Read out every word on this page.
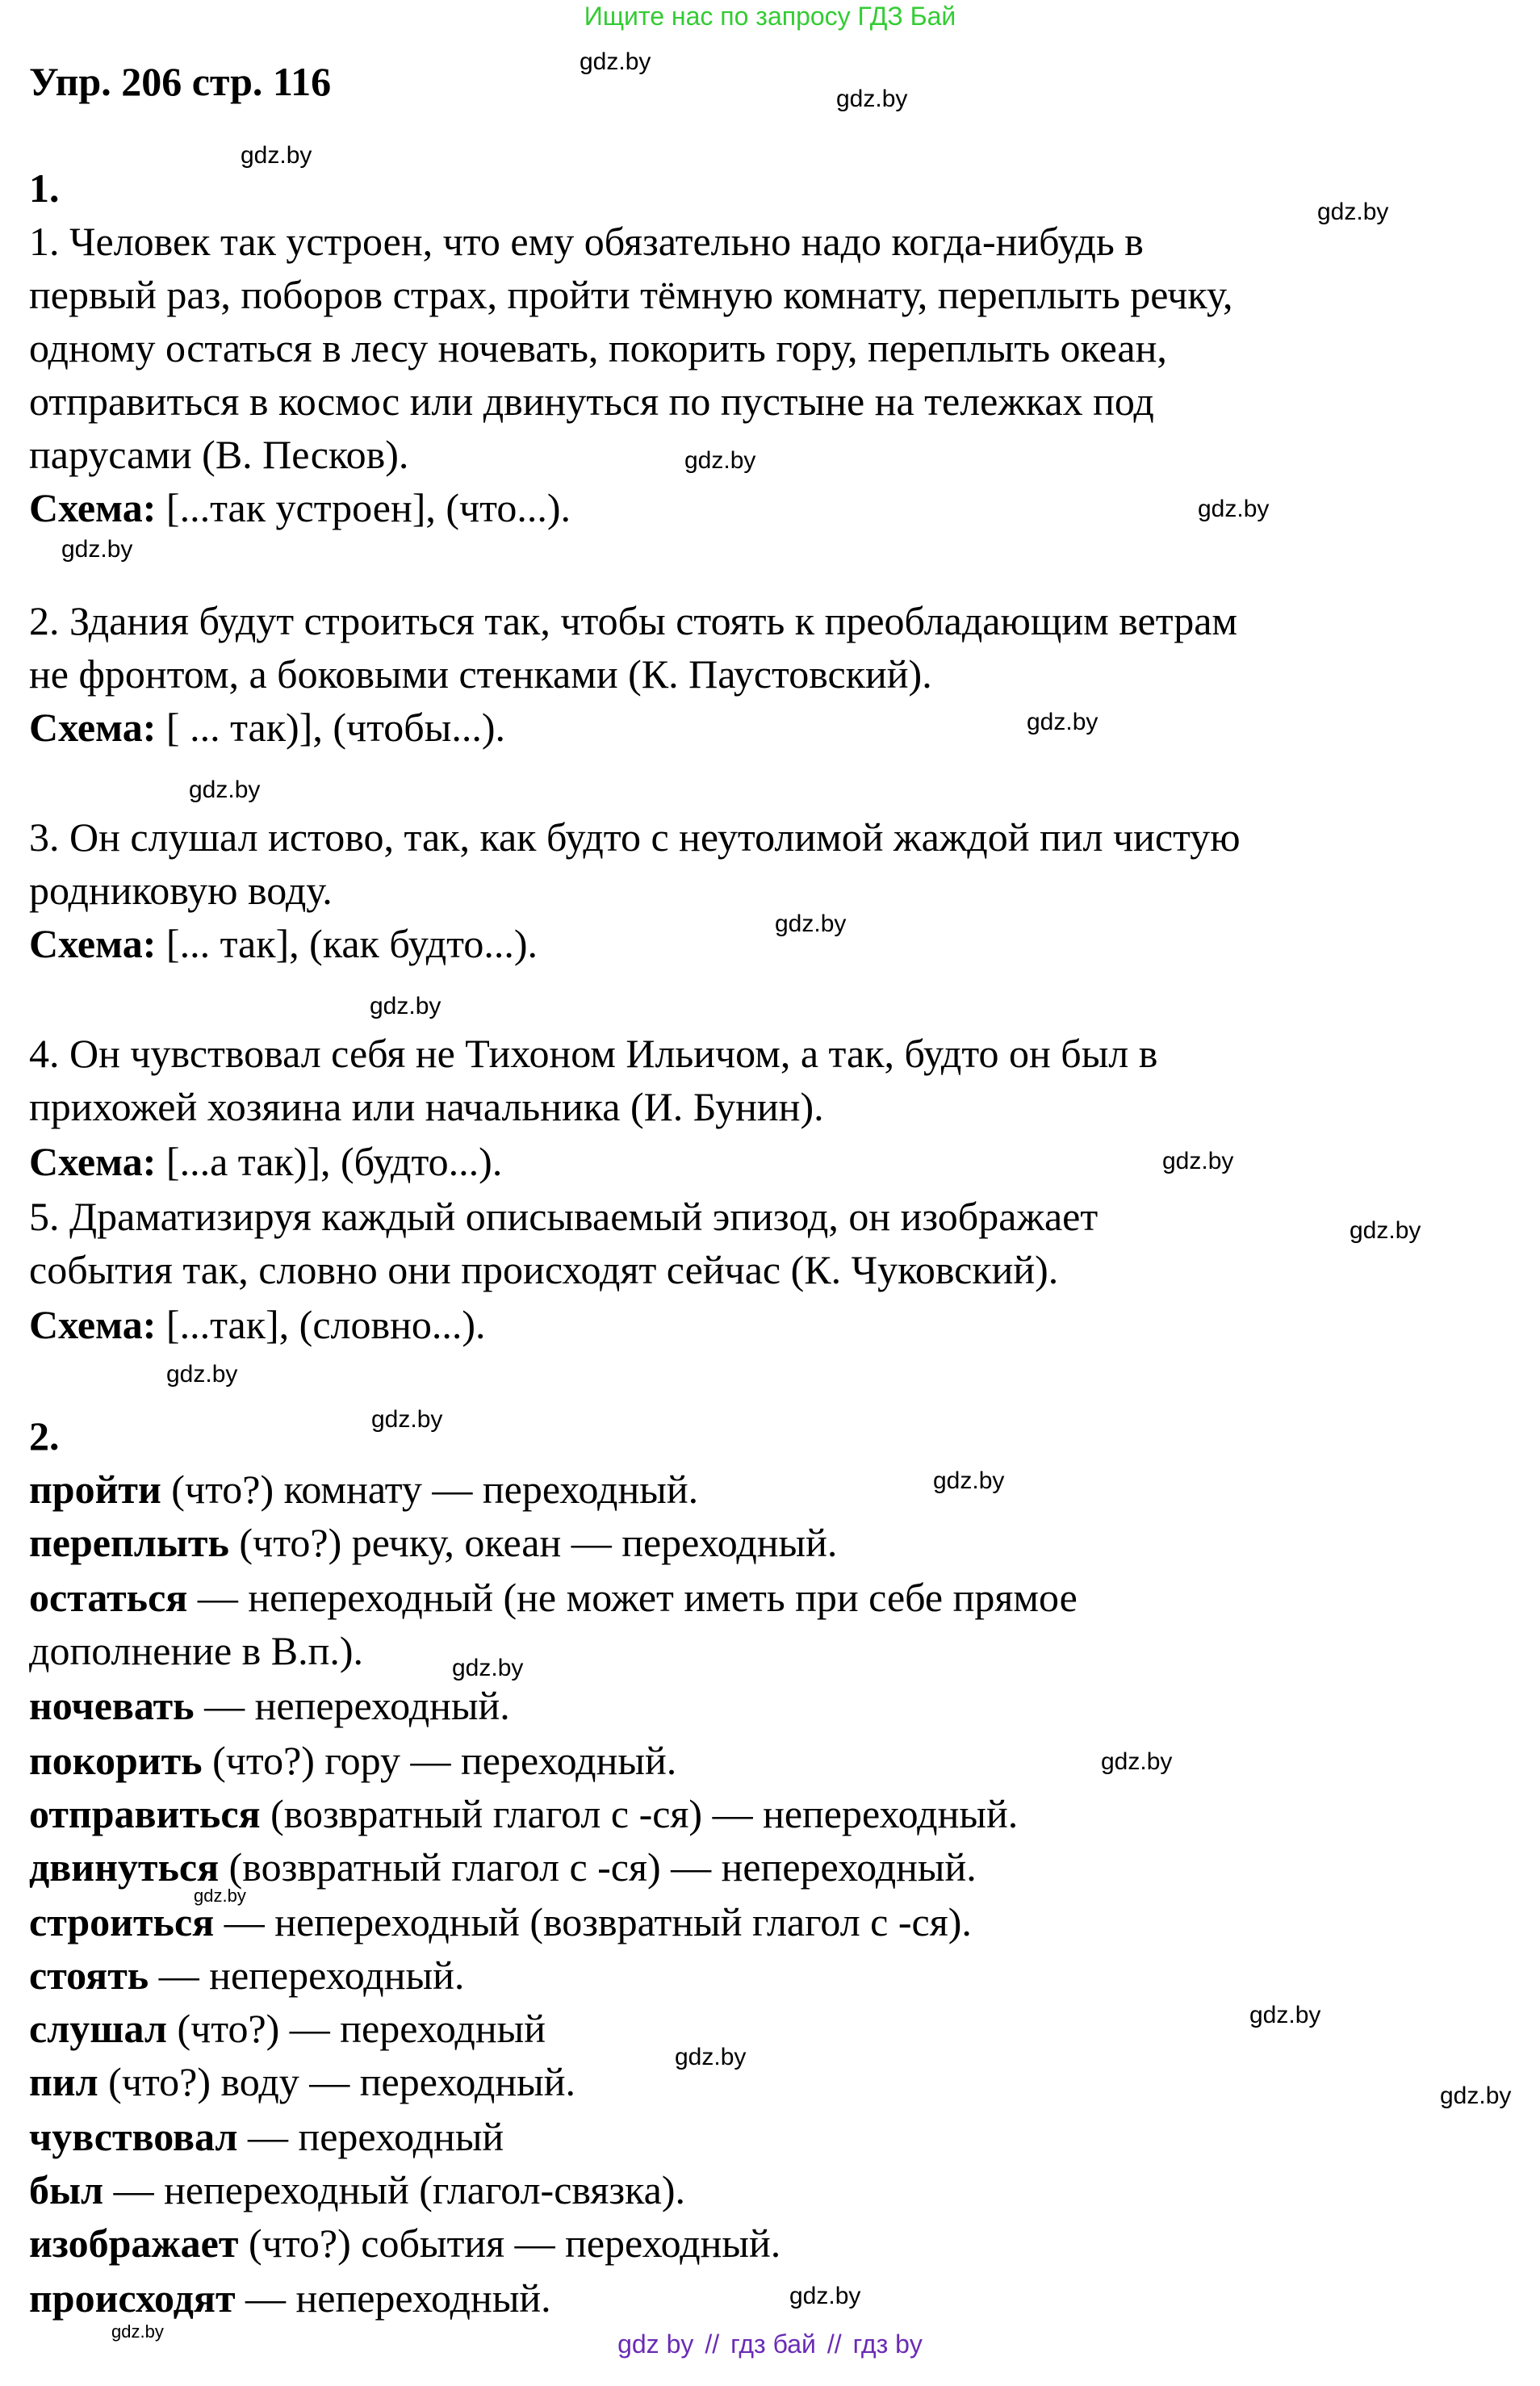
Ищите нас по запросу ГДЗ Бай
Упр. 206 стр. 116
1.
1. Человек так устроен, что ему обязательно надо когда-нибудь в
первый раз, поборов страх, пройти тёмную комнату, переплыть речку,
одному остаться в лесу ночевать, покорить гору, переплыть океан,
отправиться в космос или двинуться по пустыне на тележках под
парусами (В. Песков).
Схема: [...так устроен], (что...).
2. Здания будут строиться так, чтобы стоять к преобладающим ветрам
не фронтом, а боковыми стенками (К. Паустовский).
Схема: [ ... так)], (чтобы...).
3. Он слушал истово, так, как будто с неутолимой жаждой пил чистую
родниковую воду.
Схема: [... так], (как будто...).
4. Он чувствовал себя не Тихоном Ильичом, а так, будто он был в
прихожей хозяина или начальника (И. Бунин).
Схема: [...а так)], (будто...).
5. Драматизируя каждый описываемый эпизод, он изображает
события так, словно они происходят сейчас (К. Чуковский).
Схема: [...так], (словно...).
2.
пройти (что?) комнату — переходный.
переплыть (что?) речку, океан — переходный.
остаться — непереходный (не может иметь при себе прямое
дополнение в В.п.).
ночевать — непереходный.
покорить (что?) гору — переходный.
отправиться (возвратный глагол с -ся) — непереходный.
двинуться (возвратный глагол с -ся) — непереходный.
строиться — непереходный (возвратный глагол с -ся).
стоять — непереходный.
слушал (что?) — переходный
пил (что?) воду — переходный.
чувствовал — переходный
был — непереходный (глагол-связка).
изображает (что?) события — переходный.
происходят — непереходный.
gdz.by
gdz.by
gdz.by
gdz.by
gdz.by
gdz.by
gdz.by
gdz.by
gdz.by
gdz.by
gdz.by
gdz.by
gdz.by
gdz.by
gdz.by
gdz.by
gdz.by
gdz.by
gdz.by
gdz.by
gdz.by
gdz.by
gdz.by
gdz.by	gdz by // гдз бай // гдз by
